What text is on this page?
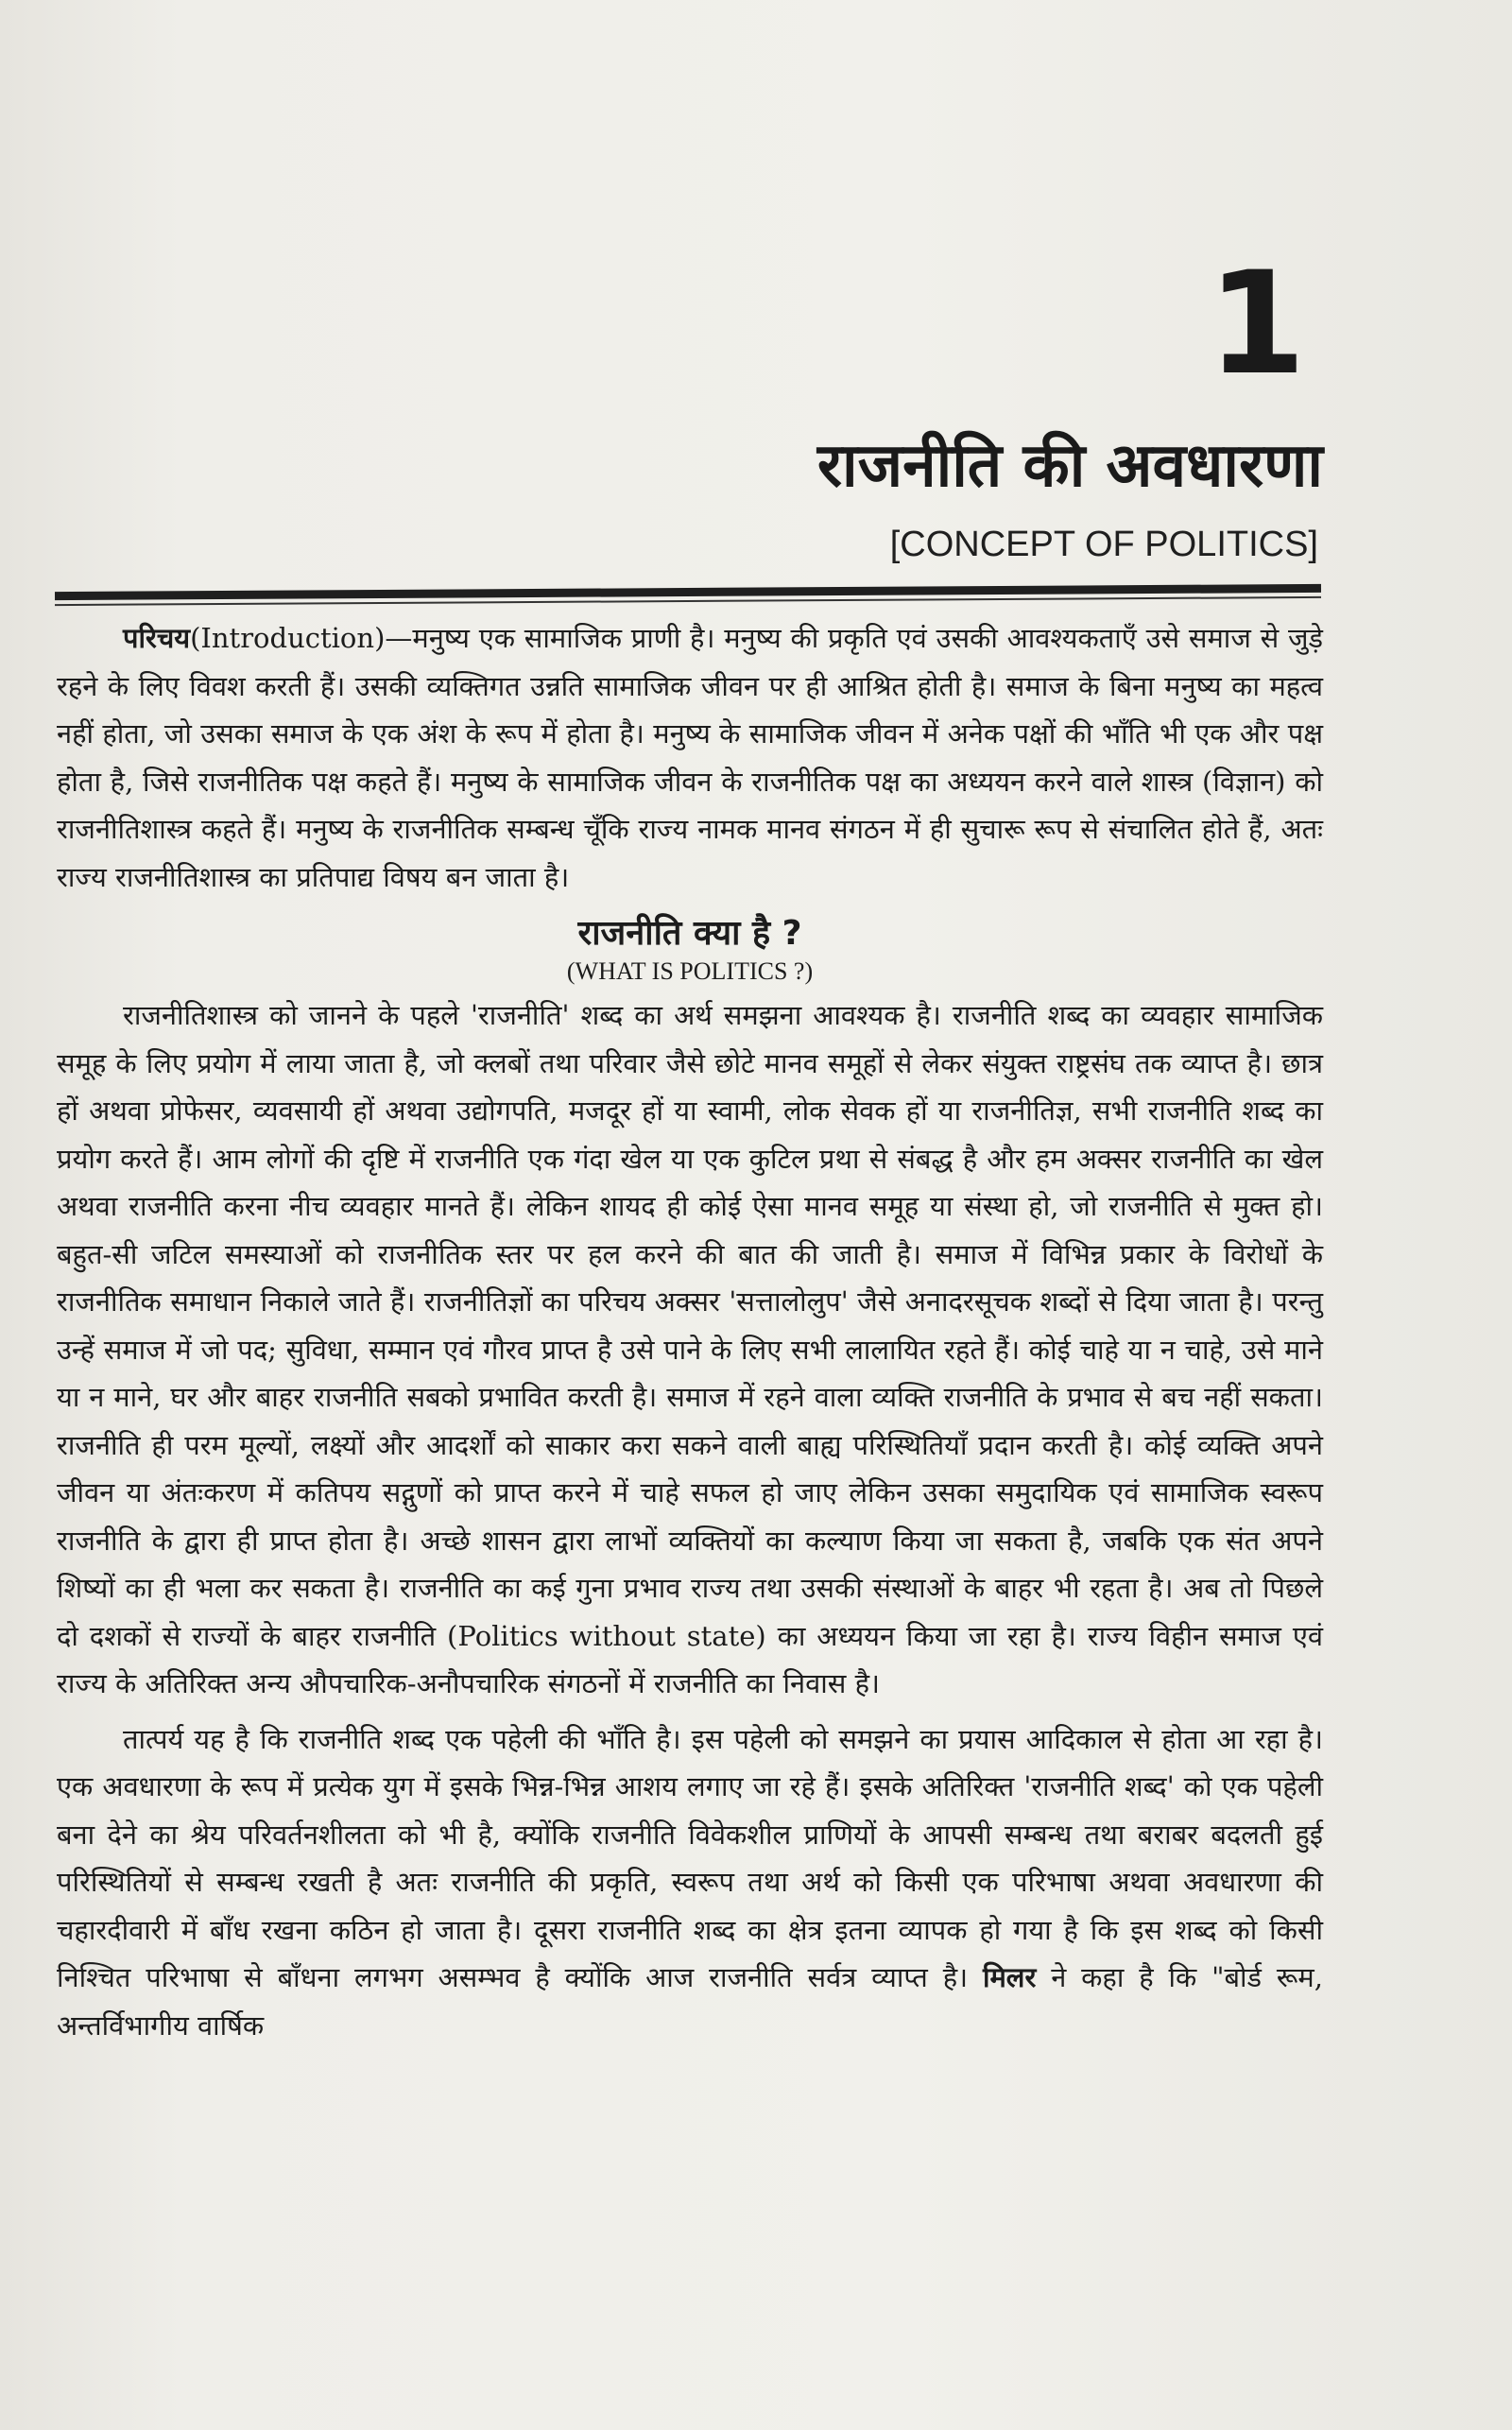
1
राजनीति की अवधारणा
[CONCEPT OF POLITICS]

परिचय(Introduction)—मनुष्य एक सामाजिक प्राणी है। मनुष्य की प्रकृति एवं उसकी आवश्यकताएँ उसे समाज से जुड़े रहने के लिए विवश करती हैं। उसकी व्यक्तिगत उन्नति सामाजिक जीवन पर ही आश्रित होती है। समाज के बिना मनुष्य का महत्व नहीं होता, जो उसका समाज के एक अंश के रूप में होता है। मनुष्य के सामाजिक जीवन में अनेक पक्षों की भाँति भी एक और पक्ष होता है, जिसे राजनीतिक पक्ष कहते हैं। मनुष्य के सामाजिक जीवन के राजनीतिक पक्ष का अध्ययन करने वाले शास्त्र (विज्ञान) को राजनीतिशास्त्र कहते हैं। मनुष्य के राजनीतिक सम्बन्ध चूँकि राज्य नामक मानव संगठन में ही सुचारू रूप से संचालित होते हैं, अतः राज्य राजनीतिशास्त्र का प्रतिपाद्य विषय बन जाता है।

राजनीति क्या है ?
(WHAT IS POLITICS ?)

राजनीतिशास्त्र को जानने के पहले 'राजनीति' शब्द का अर्थ समझना आवश्यक है। राजनीति शब्द का व्यवहार सामाजिक समूह के लिए प्रयोग में लाया जाता है, जो क्लबों तथा परिवार जैसे छोटे मानव समूहों से लेकर संयुक्त राष्ट्रसंघ तक व्याप्त है। छात्र हों अथवा प्रोफेसर, व्यवसायी हों अथवा उद्योगपति, मजदूर हों या स्वामी, लोक सेवक हों या राजनीतिज्ञ, सभी राजनीति शब्द का प्रयोग करते हैं। आम लोगों की दृष्टि में राजनीति एक गंदा खेल या एक कुटिल प्रथा से संबद्ध है और हम अक्सर राजनीति का खेल अथवा राजनीति करना नीच व्यवहार मानते हैं। लेकिन शायद ही कोई ऐसा मानव समूह या संस्था हो, जो राजनीति से मुक्त हो। बहुत-सी जटिल समस्याओं को राजनीतिक स्तर पर हल करने की बात की जाती है। समाज में विभिन्न प्रकार के विरोधों के राजनीतिक समाधान निकाले जाते हैं। राजनीतिज्ञों का परिचय अक्सर 'सत्तालोलुप' जैसे अनादरसूचक शब्दों से दिया जाता है। परन्तु उन्हें समाज में जो पद; सुविधा, सम्मान एवं गौरव प्राप्त है उसे पाने के लिए सभी लालायित रहते हैं। कोई चाहे या न चाहे, उसे माने या न माने, घर और बाहर राजनीति सबको प्रभावित करती है। समाज में रहने वाला व्यक्ति राजनीति के प्रभाव से बच नहीं सकता। राजनीति ही परम मूल्यों, लक्ष्यों और आदर्शों को साकार करा सकने वाली बाह्य परिस्थितियाँ प्रदान करती है। कोई व्यक्ति अपने जीवन या अंतःकरण में कतिपय सद्गुणों को प्राप्त करने में चाहे सफल हो जाए लेकिन उसका समुदायिक एवं सामाजिक स्वरूप राजनीति के द्वारा ही प्राप्त होता है। अच्छे शासन द्वारा लाभों व्यक्तियों का कल्याण किया जा सकता है, जबकि एक संत अपने शिष्यों का ही भला कर सकता है। राजनीति का कई गुना प्रभाव राज्य तथा उसकी संस्थाओं के बाहर भी रहता है। अब तो पिछले दो दशकों से राज्यों के बाहर राजनीति (Politics without state) का अध्ययन किया जा रहा है। राज्य विहीन समाज एवं राज्य के अतिरिक्त अन्य औपचारिक-अनौपचारिक संगठनों में राजनीति का निवास है।

तात्पर्य यह है कि राजनीति शब्द एक पहेली की भाँति है। इस पहेली को समझने का प्रयास आदिकाल से होता आ रहा है। एक अवधारणा के रूप में प्रत्येक युग में इसके भिन्न-भिन्न आशय लगाए जा रहे हैं। इसके अतिरिक्त 'राजनीति शब्द' को एक पहेली बना देने का श्रेय परिवर्तनशीलता को भी है, क्योंकि राजनीति विवेकशील प्राणियों के आपसी सम्बन्ध तथा बराबर बदलती हुई परिस्थितियों से सम्बन्ध रखती है अतः राजनीति की प्रकृति, स्वरूप तथा अर्थ को किसी एक परिभाषा अथवा अवधारणा की चहारदीवारी में बाँध रखना कठिन हो जाता है। दूसरा राजनीति शब्द का क्षेत्र इतना व्यापक हो गया है कि इस शब्द को किसी निश्चित परिभाषा से बाँधना लगभग असम्भव है क्योंकि आज राजनीति सर्वत्र व्याप्त है। मिलर ने कहा है कि "बोर्ड रूम, अन्तर्विभागीय वार्षिक
